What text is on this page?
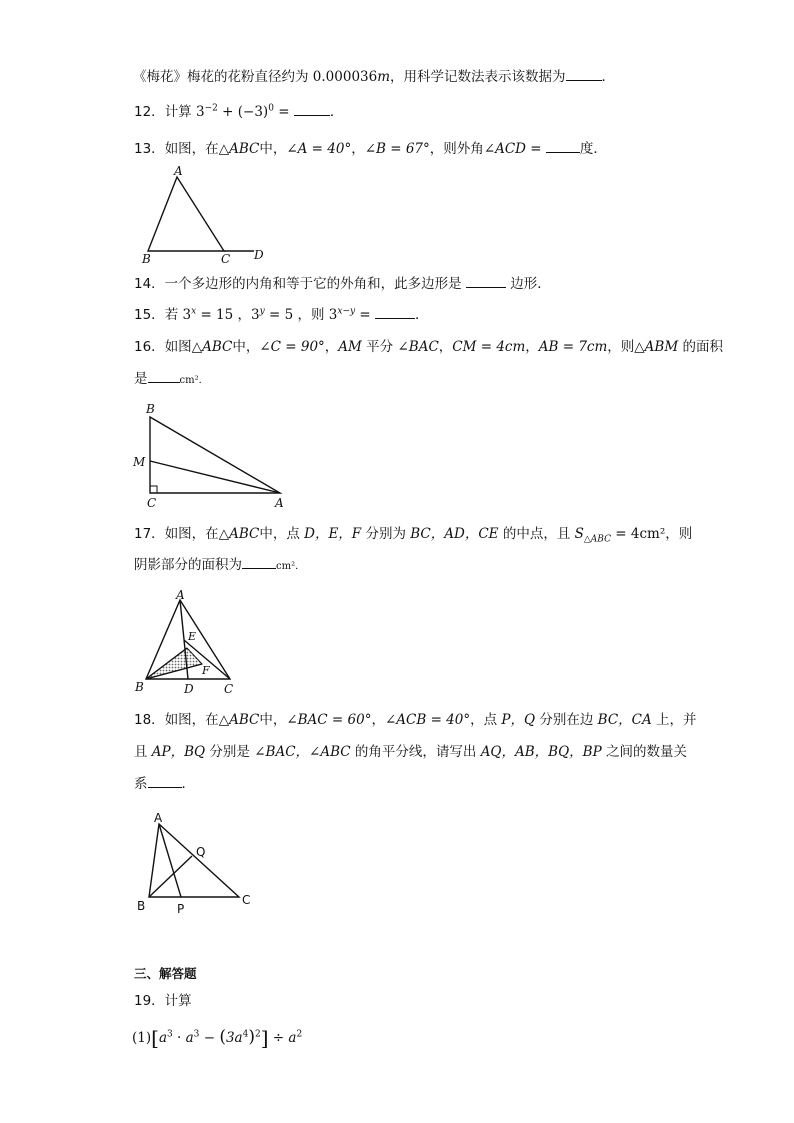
《梅花》梅花的花粉直径约为 0.000036m，用科学记数法表示该数据为	．
12．计算 $3^{-2} + (-3)^0$ =	．
13．如图，在△ABC中，∠A = 40°，∠B = 67°，则外角∠ACD =	度．
A
B	C D
14．一个多边形的内角和等于它的外角和，此多边形是	边形．
15．若 $3^x = 15$ ，$3^y = 5$ ，则 $3^{x-y}$ =	．
16．如图△ABC中，∠C = 90°，AM 平分 ∠BAC，CM = 4cm，AB = 7cm，则△ABM 的面积
是	cm²．
B
M
C	A
17．如图，在△ABC中，点 D，E，F 分别为 BC，AD，CE 的中点，且 $S_{\triangle ABC} = 4cm^2$，则
阴影部分的面积为	cm²．
A
E
F
B	D	C
18．如图，在△ABC中，∠BAC = 60°，∠ACB = 40°，点 P，Q 分别在边 BC，CA 上，并
且 AP，BQ 分别是 ∠BAC，∠ABC 的角平分线，请写出 AQ，AB，BQ，BP 之间的数量关
系	．
A
Q
B	P
C
三、解答题
19．计算
$(1)[a^3 \cdot a^3 - (3a^4)^2] \div a^2$
